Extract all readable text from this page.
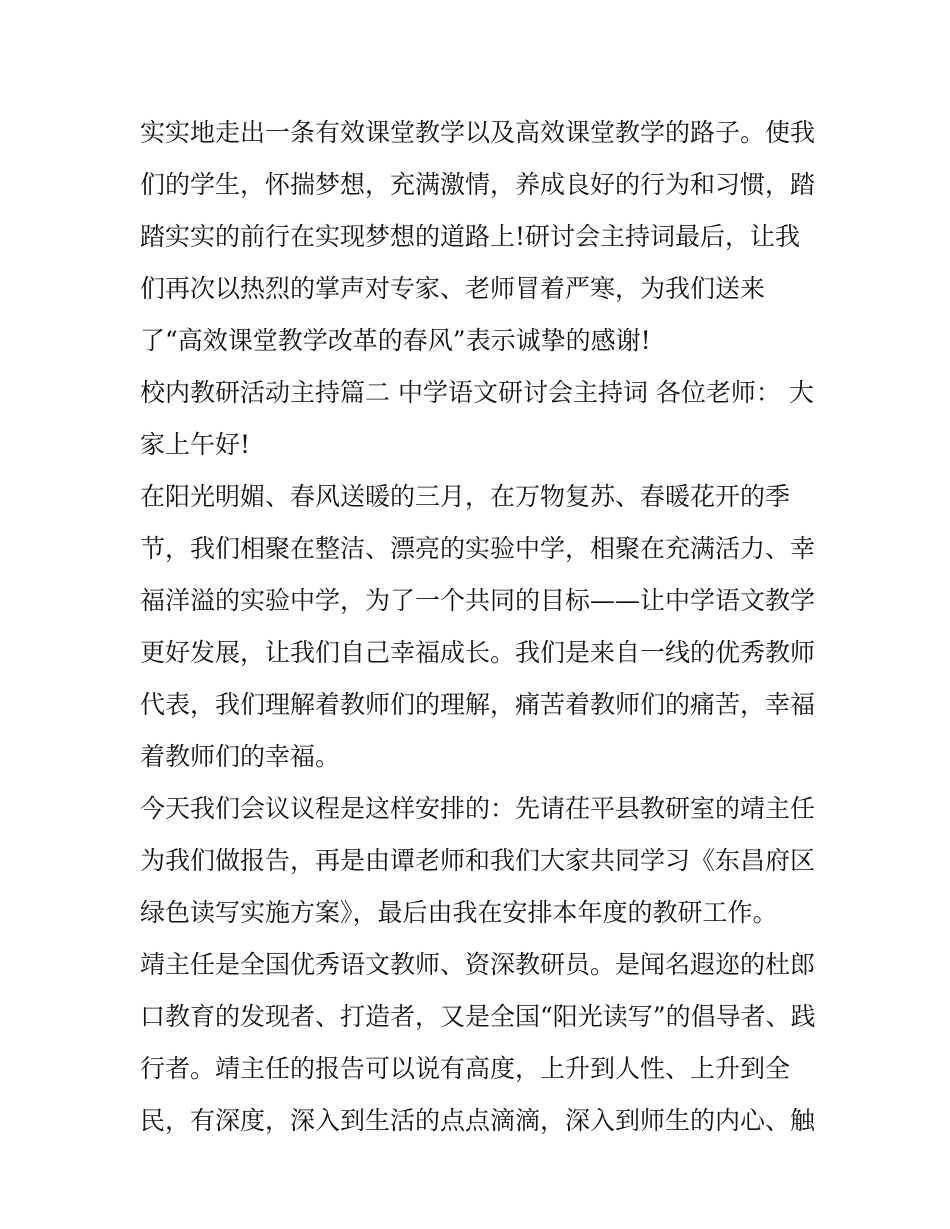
实实地走出一条有效课堂教学以及高效课堂教学的路子。使我
们的学生，怀揣梦想，充满激情，养成良好的行为和习惯，踏
踏实实的前行在实现梦想的道路上!研讨会主持词最后，让我
们再次以热烈的掌声对专家、老师冒着严寒，为我们送来
了“高效课堂教学改革的春风”表示诚挚的感谢!
校内教研活动主持篇二 中学语文研讨会主持词 各位老师： 大
家上午好!
在阳光明媚、春风送暖的三月，在万物复苏、春暖花开的季
节，我们相聚在整洁、漂亮的实验中学，相聚在充满活力、幸
福洋溢的实验中学，为了一个共同的目标——让中学语文教学
更好发展，让我们自己幸福成长。我们是来自一线的优秀教师
代表，我们理解着教师们的理解，痛苦着教师们的痛苦，幸福
着教师们的幸福。
今天我们会议议程是这样安排的：先请茌平县教研室的靖主任
为我们做报告，再是由谭老师和我们大家共同学习《东昌府区
绿色读写实施方案》，最后由我在安排本年度的教研工作。
靖主任是全国优秀语文教师、资深教研员。是闻名遐迩的杜郎
口教育的发现者、打造者，又是全国“阳光读写”的倡导者、践
行者。靖主任的报告可以说有高度，上升到人性、上升到全
民，有深度，深入到生活的点点滴滴，深入到师生的内心、触
